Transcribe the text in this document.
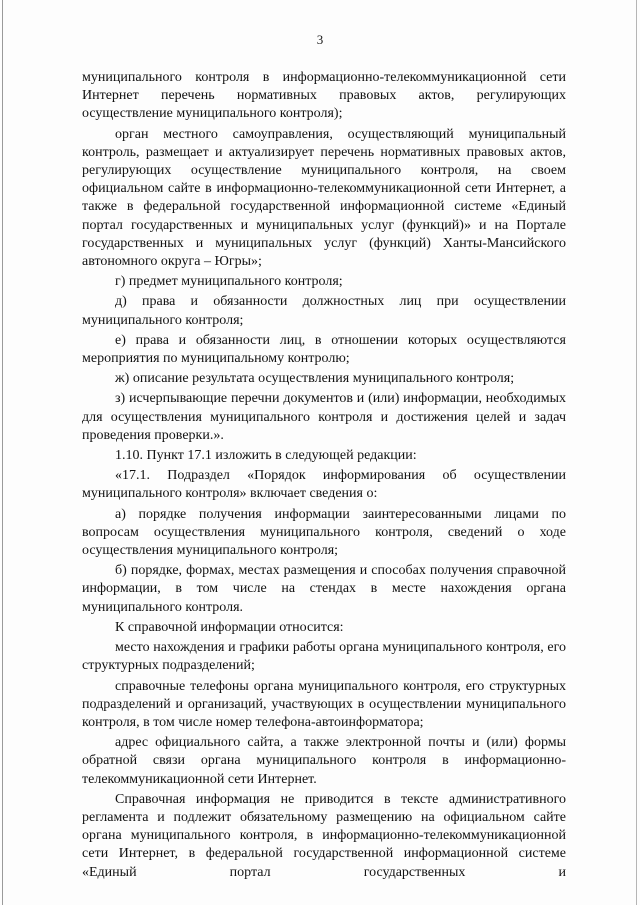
3

муниципального контроля в информационно-телекоммуникационной сети Интернет перечень нормативных правовых актов, регулирующих осуществление муниципального контроля);

орган местного самоуправления, осуществляющий муниципальный контроль, размещает и актуализирует перечень нормативных правовых актов, регулирующих осуществление муниципального контроля, на своем официальном сайте в информационно-телекоммуникационной сети Интернет, а также в федеральной государственной информационной системе «Единый портал государственных и муниципальных услуг (функций)» и на Портале государственных и муниципальных услуг (функций) Ханты-Мансийского автономного округа – Югры»;

г) предмет муниципального контроля;

д) права и обязанности должностных лиц при осуществлении муниципального контроля;

е) права и обязанности лиц, в отношении которых осуществляются мероприятия по муниципальному контролю;

ж) описание результата осуществления муниципального контроля;

з) исчерпывающие перечни документов и (или) информации, необходимых для осуществления муниципального контроля и достижения целей и задач проведения проверки.».

1.10. Пункт 17.1 изложить в следующей редакции:

«17.1. Подраздел «Порядок информирования об осуществлении муниципального контроля» включает сведения о:

а) порядке получения информации заинтересованными лицами по вопросам осуществления муниципального контроля, сведений о ходе осуществления муниципального контроля;

б) порядке, формах, местах размещения и способах получения справочной информации, в том числе на стендах в месте нахождения органа муниципального контроля.

К справочной информации относится:

место нахождения и графики работы органа муниципального контроля, его структурных подразделений;

справочные телефоны органа муниципального контроля, его структурных подразделений и организаций, участвующих в осуществлении муниципального контроля, в том числе номер телефона-автоинформатора;

адрес официального сайта, а также электронной почты и (или) формы обратной связи органа муниципального контроля в информационно-телекоммуникационной сети Интернет.

Справочная информация не приводится в тексте административного регламента и подлежит обязательному размещению на официальном сайте органа муниципального контроля, в информационно-телекоммуникационной сети Интернет, в федеральной государственной информационной системе «Единый портал государственных и
